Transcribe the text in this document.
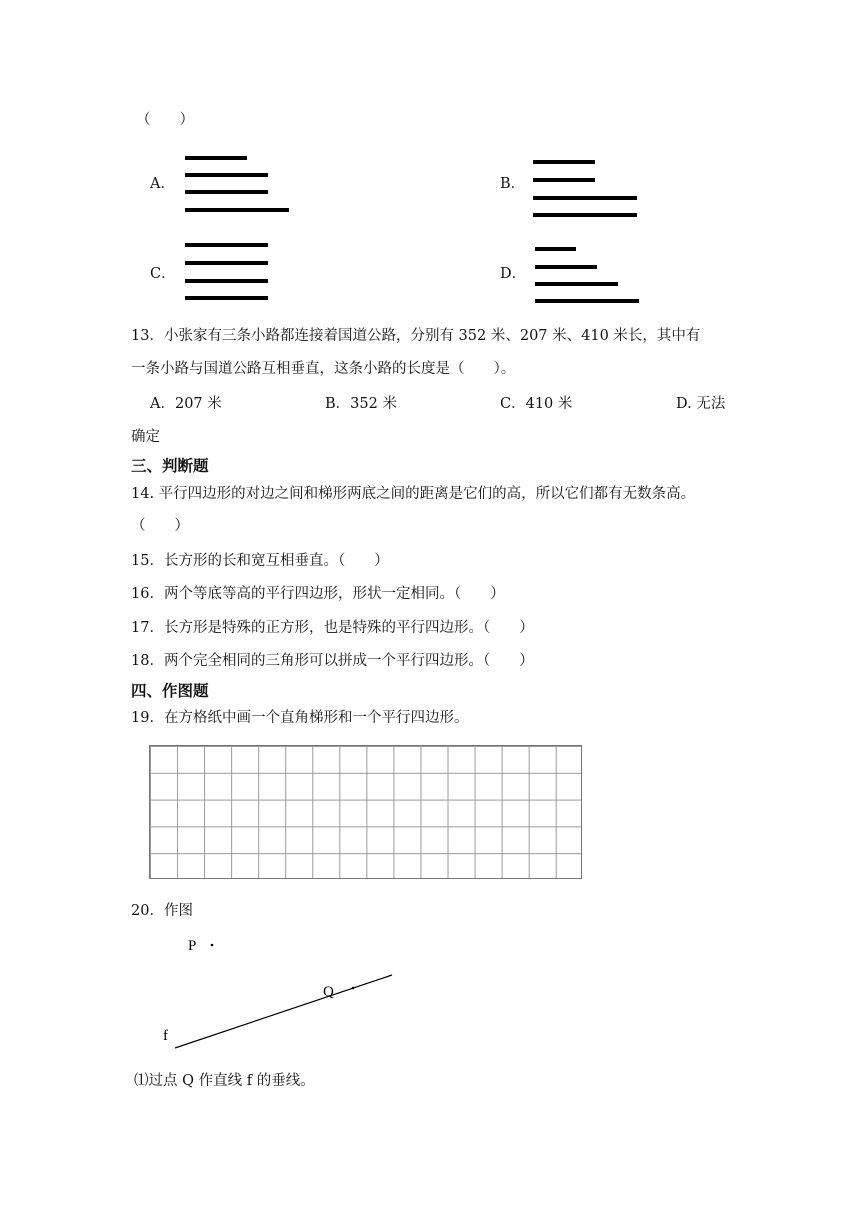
（　　）
A．	B．
C．	D．
13．小张家有三条小路都连接着国道公路，分别有 352 米、207 米、410 米长，其中有
一条小路与国道公路互相垂直，这条小路的长度是（　　）。
A．207 米	B．352 米	C．410 米	D. 无法
确定
三、判断题
14. 平行四边形的对边之间和梯形两底之间的距离是它们的高，所以它们都有无数条高。
（　　）
15．长方形的长和宽互相垂直。（　　）
16．两个等底等高的平行四边形，形状一定相同。（　　）
17．长方形是特殊的正方形，也是特殊的平行四边形。（　　）
18．两个完全相同的三角形可以拼成一个平行四边形。（　　）
四、作图题
19．在方格纸中画一个直角梯形和一个平行四边形。
20．作图
P
Q
f
⑴过点 Q 作直线 f 的垂线。
